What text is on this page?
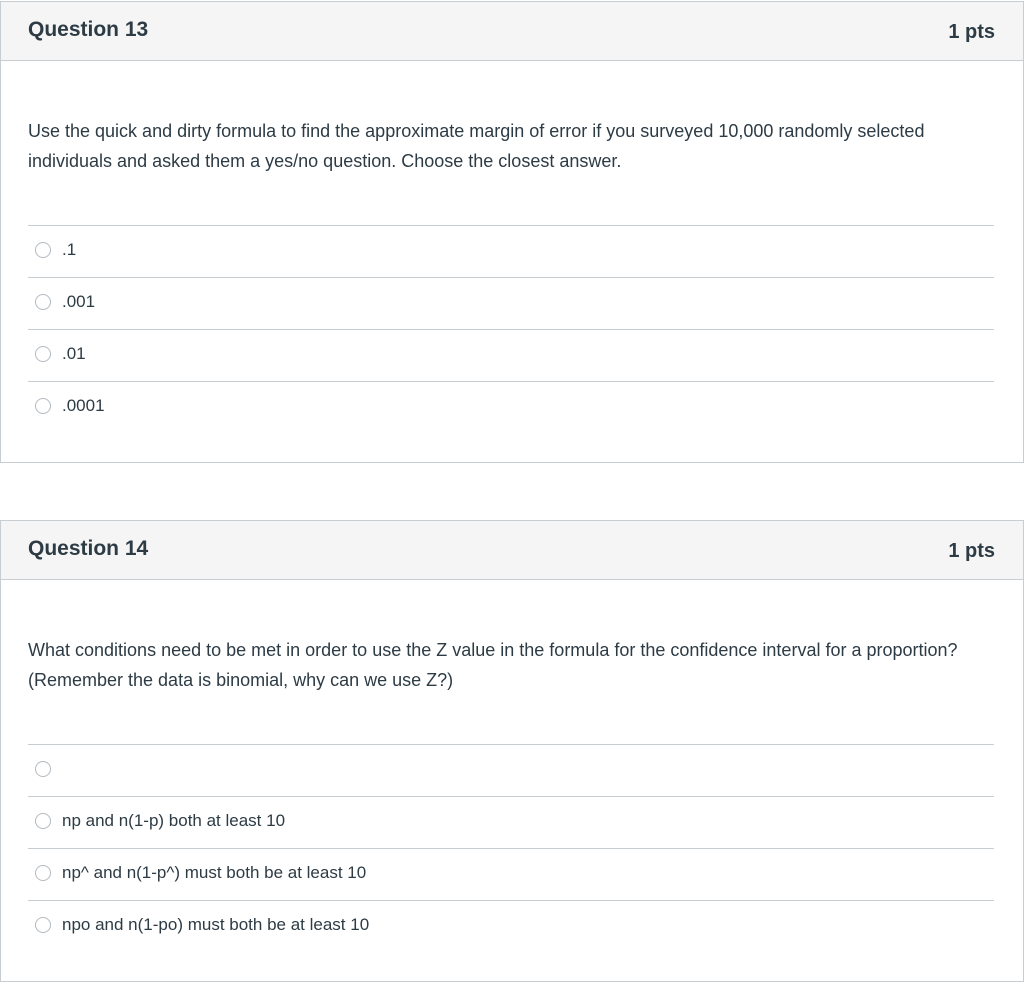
Question 13	1 pts
Use the quick and dirty formula to find the approximate margin of error if you surveyed 10,000 randomly selected individuals and asked them a yes/no question. Choose the closest answer.
.1
.001
.01
.0001
Question 14	1 pts
What conditions need to be met in order to use the Z value in the formula for the confidence interval for a proportion? (Remember the data is binomial, why can we use Z?)
np and n(1-p) both at least 10
np^ and n(1-p^) must both be at least 10
npo and n(1-po) must both be at least 10
